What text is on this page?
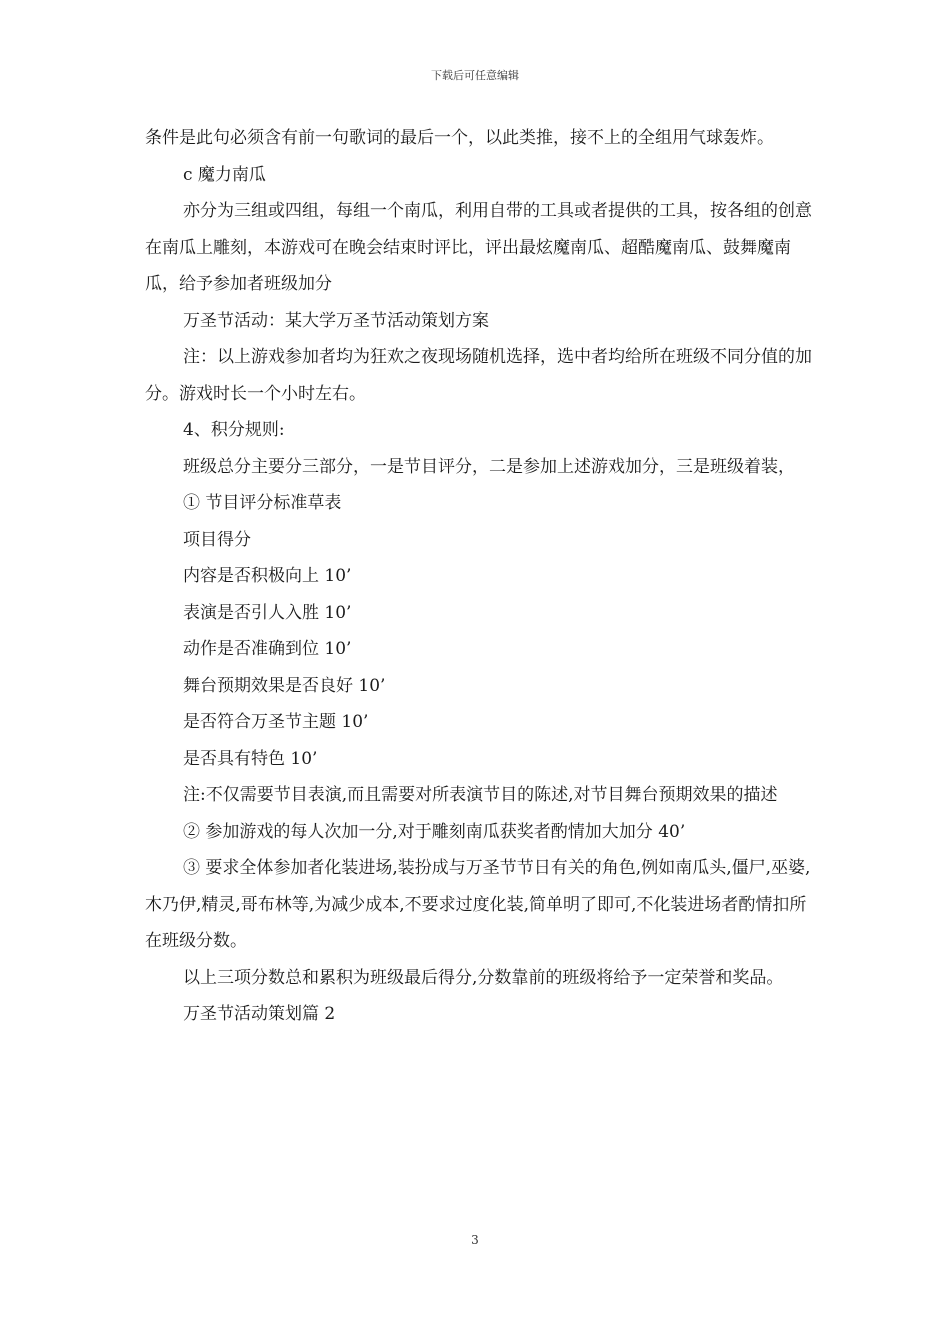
下载后可任意编辑

条件是此句必须含有前一句歌词的最后一个，以此类推，接不上的全组用气球轰炸。

c 魔力南瓜

亦分为三组或四组，每组一个南瓜，利用自带的工具或者提供的工具，按各组的创意在南瓜上雕刻，本游戏可在晚会结束时评比，评出最炫魔南瓜、超酷魔南瓜、鼓舞魔南瓜，给予参加者班级加分

万圣节活动：某大学万圣节活动策划方案

注：以上游戏参加者均为狂欢之夜现场随机选择，选中者均给所在班级不同分值的加分。游戏时长一个小时左右。

4、积分规则:

班级总分主要分三部分，一是节目评分，二是参加上述游戏加分，三是班级着装，

① 节目评分标准草表

项目得分

内容是否积极向上 10’

表演是否引人入胜 10’

动作是否准确到位 10’

舞台预期效果是否良好 10’

是否符合万圣节主题 10’

是否具有特色 10’

注:不仅需要节目表演,而且需要对所表演节目的陈述,对节目舞台预期效果的描述

② 参加游戏的每人次加一分,对于雕刻南瓜获奖者酌情加大加分 40’

③ 要求全体参加者化装进场,装扮成与万圣节节日有关的角色,例如南瓜头,僵尸,巫婆,木乃伊,精灵,哥布林等,为减少成本,不要求过度化装,简单明了即可,不化装进场者酌情扣所在班级分数。

以上三项分数总和累积为班级最后得分,分数靠前的班级将给予一定荣誉和奖品。

万圣节活动策划篇 2

3
